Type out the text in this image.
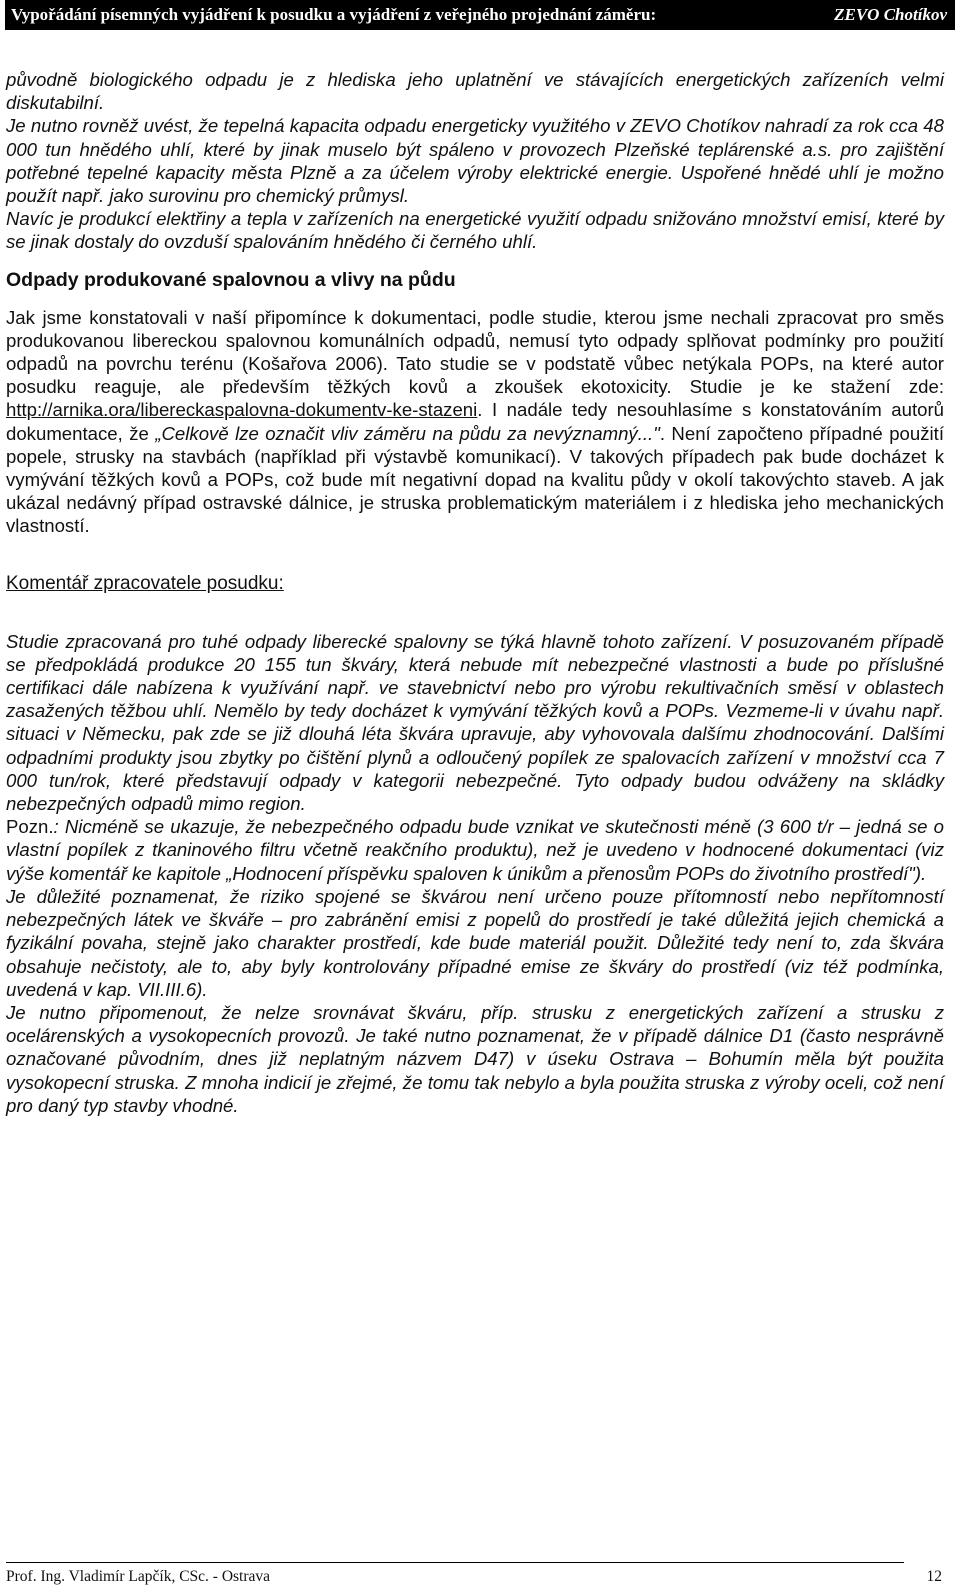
Vypořádání písemných vyjádření k posudku a vyjádření z veřejného projednání záměru:	ZEVO Chotíkov

původně biologického odpadu je z hlediska jeho uplatnění ve stávajících energetických zařízeních velmi diskutabilní.

Je nutno rovněž uvést, že tepelná kapacita odpadu energeticky využitého v ZEVO Chotíkov nahradí za rok cca 48 000 tun hnědého uhlí, které by jinak muselo být spáleno v provozech Plzeňské teplárenské a.s. pro zajištění potřebné tepelné kapacity města Plzně a za účelem výroby elektrické energie. Uspořené hnědé uhlí je možno použít např. jako surovinu pro chemický průmysl.

Navíc je produkcí elektřiny a tepla v zařízeních na energetické využití odpadu snižováno množství emisí, které by se jinak dostaly do ovzduší spalováním hnědého či černého uhlí.

Odpady produkované spalovnou a vlivy na půdu

Jak jsme konstatovali v naší připomínce k dokumentaci, podle studie, kterou jsme nechali zpracovat pro směs produkovanou libereckou spalovnou komunálních odpadů, nemusí tyto odpady splňovat podmínky pro použití odpadů na povrchu terénu (Košařova 2006). Tato studie se v podstatě vůbec netýkala POPs, na které autor posudku reaguje, ale především těžkých kovů a zkoušek ekotoxicity. Studie je ke stažení zde: http://arnika.ora/libereckaspalovna-dokumentv-ke-stazeni. I nadále tedy nesouhlasíme s konstatováním autorů dokumentace, že „Celkově lze označit vliv záměru na půdu za nevýznamný...". Není započteno případné použití popele, strusky na stavbách (například při výstavbě komunikací). V takových případech pak bude docházet k vymývání těžkých kovů a POPs, což bude mít negativní dopad na kvalitu půdy v okolí takovýchto staveb. A jak ukázal nedávný případ ostravské dálnice, je struska problematickým materiálem i z hlediska jeho mechanických vlastností.

Komentář zpracovatele posudku:

Studie zpracovaná pro tuhé odpady liberecké spalovny se týká hlavně tohoto zařízení. V posuzovaném případě se předpokládá produkce 20 155 tun škváry, která nebude mít nebezpečné vlastnosti a bude po příslušné certifikaci dále nabízena k využívání např. ve stavebnictví nebo pro výrobu rekultivačních směsí v oblastech zasažených těžbou uhlí. Nemělo by tedy docházet k vymývání těžkých kovů a POPs. Vezmeme-li v úvahu např. situaci v Německu, pak zde se již dlouhá léta škvára upravuje, aby vyhovovala dalšímu zhodnocování. Dalšími odpadními produkty jsou zbytky po čištění plynů a odloučený popílek ze spalovacích zařízení v množství cca 7 000 tun/rok, které představují odpady v kategorii nebezpečné. Tyto odpady budou odváženy na skládky nebezpečných odpadů mimo region.

Pozn.: Nicméně se ukazuje, že nebezpečného odpadu bude vznikat ve skutečnosti méně (3 600 t/r – jedná se o vlastní popílek z tkaninového filtru včetně reakčního produktu), než je uvedeno v hodnocené dokumentaci (viz výše komentář ke kapitole „Hodnocení příspěvku spaloven k únikům a přenosům POPs do životního prostředí").

Je důležité poznamenat, že riziko spojené se škvárou není určeno pouze přítomností nebo nepřítomností nebezpečných látek ve škváře – pro zabránění emisi z popelů do prostředí je také důležitá jejich chemická a fyzikální povaha, stejně jako charakter prostředí, kde bude materiál použit. Důležité tedy není to, zda škvára obsahuje nečistoty, ale to, aby byly kontrolovány případné emise ze škváry do prostředí (viz též podmínka, uvedená v kap. VII.III.6).

Je nutno připomenout, že nelze srovnávat škváru, příp. strusku z energetických zařízení a strusku z ocelárenských a vysokopecních provozů. Je také nutno poznamenat, že v případě dálnice D1 (často nesprávně označované původním, dnes již neplatným názvem D47) v úseku Ostrava – Bohumín měla být použita vysokopecní struska. Z mnoha indicií je zřejmé, že tomu tak nebylo a byla použita struska z výroby oceli, což není pro daný typ stavby vhodné.

Prof. Ing. Vladimír Lapčík, CSc. - Ostrava	12
